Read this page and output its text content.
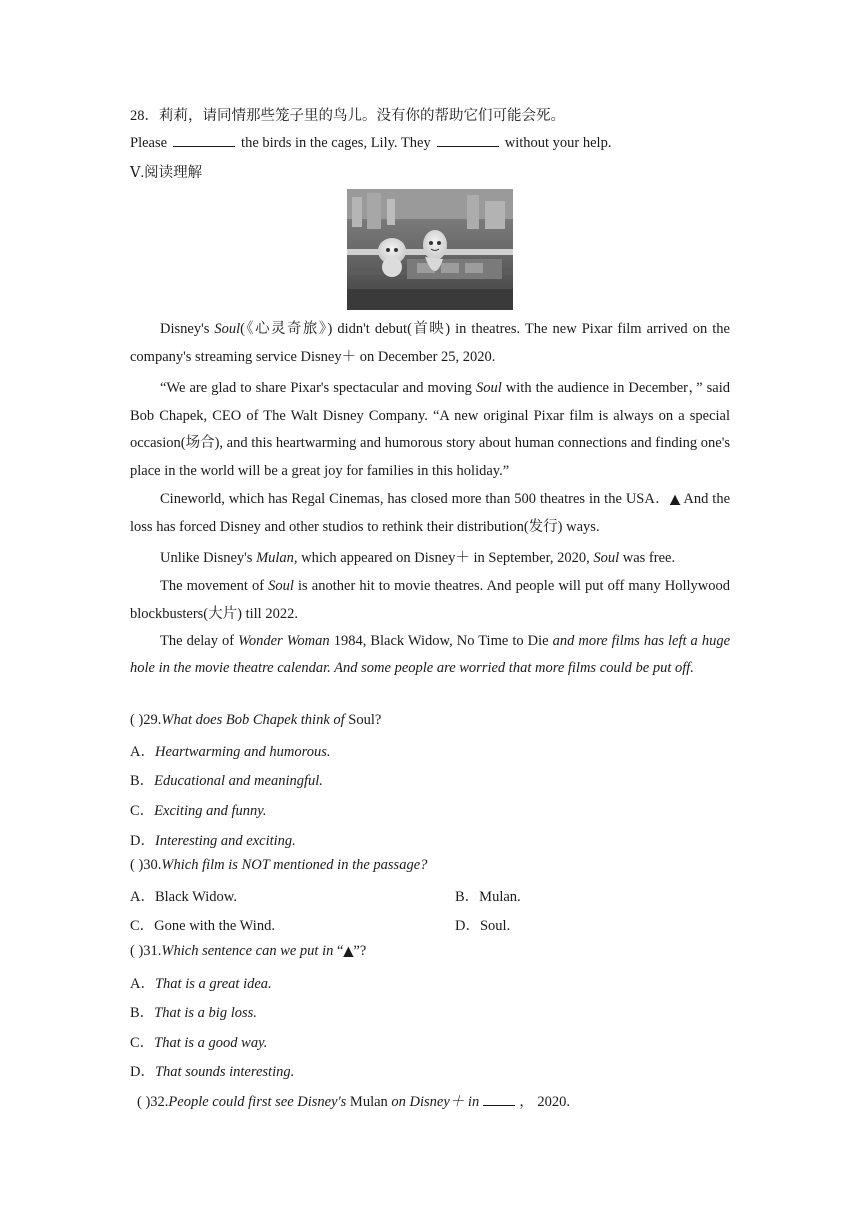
28．莉莉，请同情那些笼子里的鸟儿。没有你的帮助它们可能会死。
Please	the birds in the cages, Lily. They	without your help.
Ⅴ.阅读理解
Disney's Soul(《心灵奇旅》) didn't debut(首映) in theatres. The new Pixar film arrived on the company's streaming service Disney＋ on December 25, 2020.
“We are glad to share Pixar's spectacular and moving Soul with the audience in December，” said Bob Chapek, CEO of The Walt Disney Company. “A new original Pixar film is always on a special occasion(场合), and this heartwarming and humorous story about human connections and finding one's place in the world will be a great joy for families in this holiday.”
Cineworld, which has Regal Cinemas, has closed more than 500 theatres in the USA．▲ And the loss has forced Disney and other studios to rethink their distribution(发行) ways.
Unlike Disney's Mulan, which appeared on Disney＋ in September, 2020, Soul was free.
The movement of Soul is another hit to movie theatres. And people will put off many Hollywood blockbusters(大片) till 2022.
The delay of Wonder Woman 1984, Black Widow, No Time to Die and more films has left a huge hole in the movie theatre calendar. And some people are worried that more films could be put off.
( )29.What does Bob Chapek think of Soul?
A．Heartwarming and humorous.
B．Educational and meaningful.
C．Exciting and funny.
D．Interesting and exciting.
( )30.Which film is NOT mentioned in the passage?
A．Black Widow.	B．Mulan.
C．Gone with the Wind.	D．Soul.
( )31.Which sentence can we put in “▲”?
A．That is a great idea.
B．That is a big loss.
C．That is a good way.
D．That sounds interesting.
( )32.People could first see Disney's Mulan on Disney＋ in	， 2020.
